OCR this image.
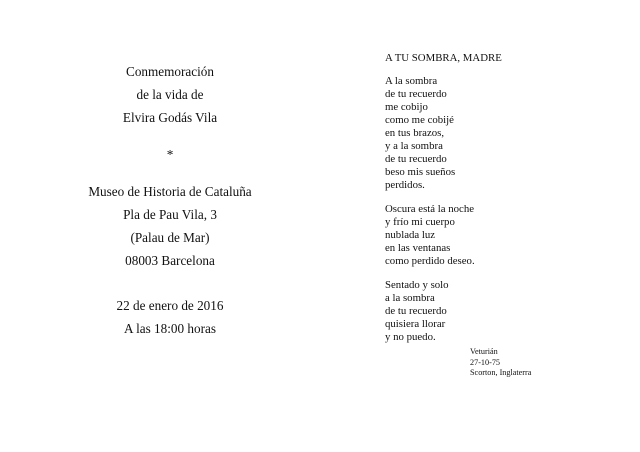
Conmemoración
de la vida de
Elvira Godás Vila
*
Museo de Historia de Cataluña
Pla de Pau Vila, 3
(Palau de Mar)
08003 Barcelona
22 de enero de 2016
A las 18:00 horas
A TU SOMBRA, MADRE
A la sombra
de tu recuerdo
me cobijo
como me cobijé
en tus brazos,
y a la sombra
de tu recuerdo
beso mis sueños
perdidos.
Oscura está la noche
y frío mi cuerpo
nublada luz
en las ventanas
como perdido deseo.
Sentado y solo
a la sombra
de tu recuerdo
quisiera llorar
y no puedo.
Veturián
27-10-75
Scorton, Inglaterra
